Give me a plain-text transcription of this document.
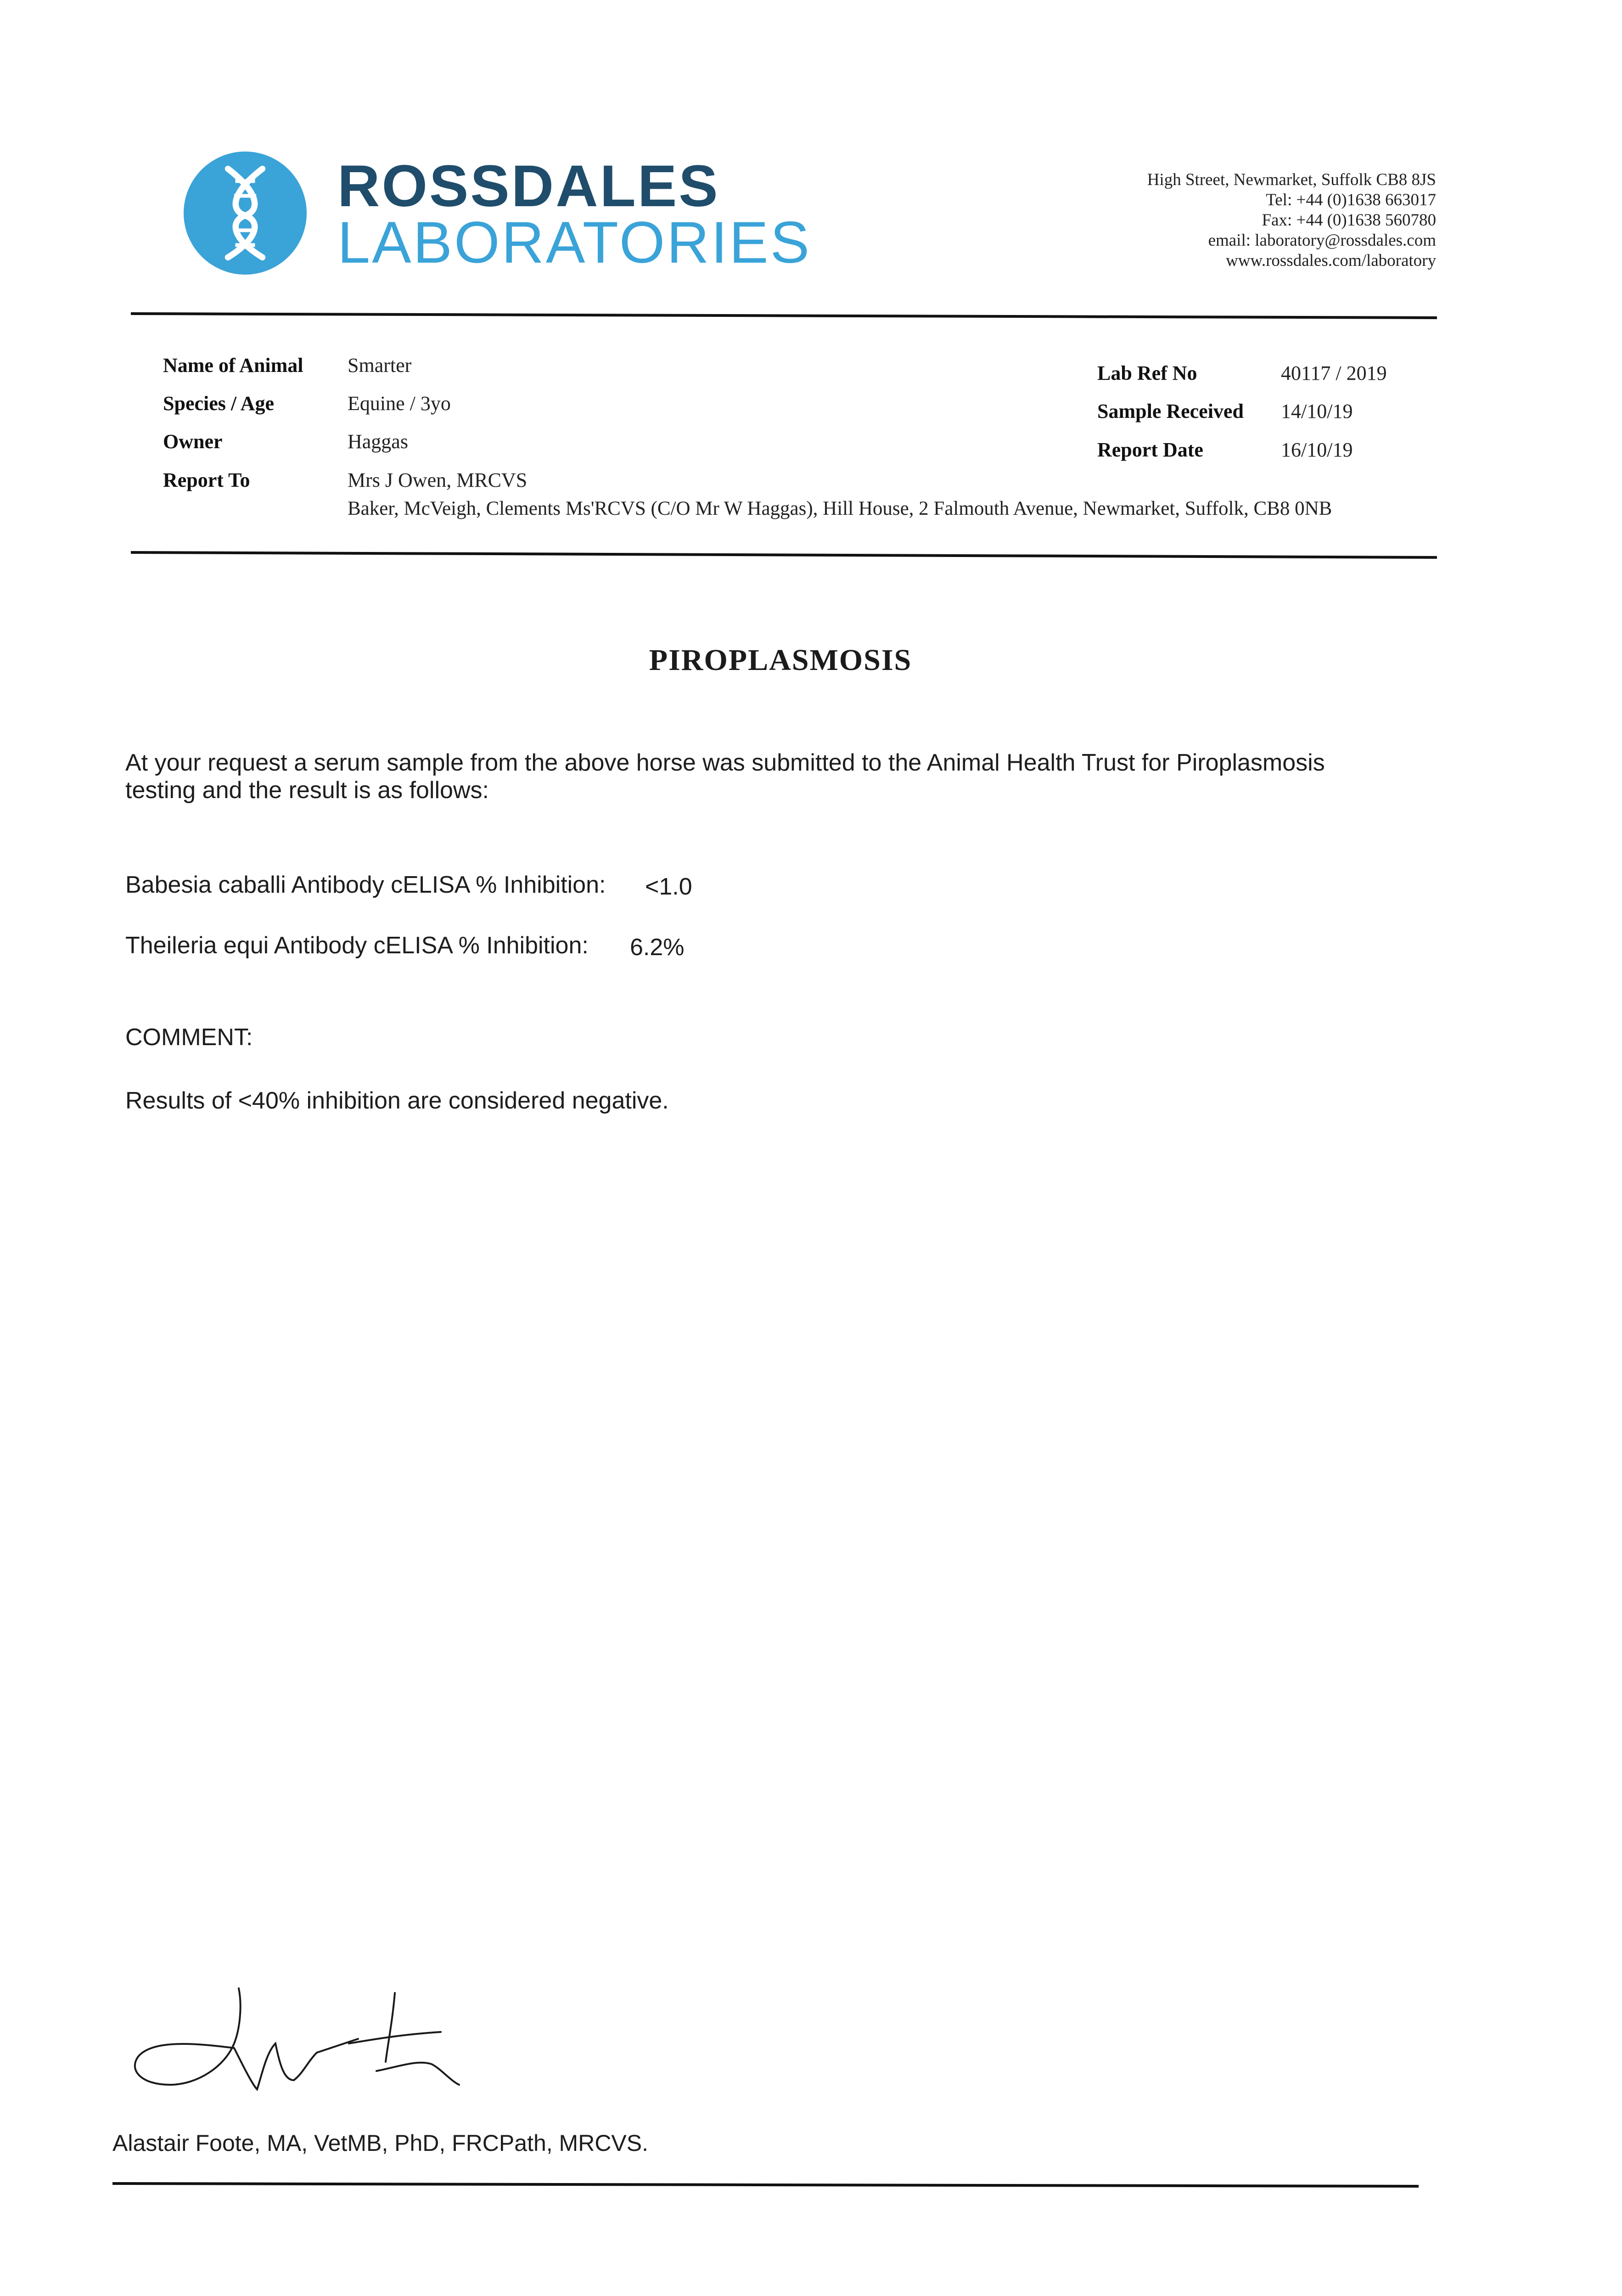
ROSSDALES
LABORATORIES
High Street, Newmarket, Suffolk CB8 8JS
Tel: +44 (0)1638 663017
Fax: +44 (0)1638 560780
email: laboratory@rossdales.com
www.rossdales.com/laboratory
Name of Animal Smarter
Species / Age	Equine / 3yo
Owner	Haggas
Report To	Mrs J Owen, MRCVS
Baker, McVeigh, Clements Ms'RCVS (C/O Mr W Haggas), Hill House, 2 Falmouth Avenue, Newmarket, Suffolk, CB8 0NB
Lab Ref No	40117 / 2019
Sample Received 14/10/19
Report Date	16/10/19
PIROPLASMOSIS
At your request a serum sample from the above horse was submitted to the Animal Health Trust for Piroplasmosis
testing and the result is as follows:
Babesia caballi Antibody cELISA % Inhibition: <1.0
Theileria equi Antibody cELISA % Inhibition: 6.2%
COMMENT:
Results of <40% inhibition are considered negative.
Alastair Foote, MA, VetMB, PhD, FRCPath, MRCVS.
